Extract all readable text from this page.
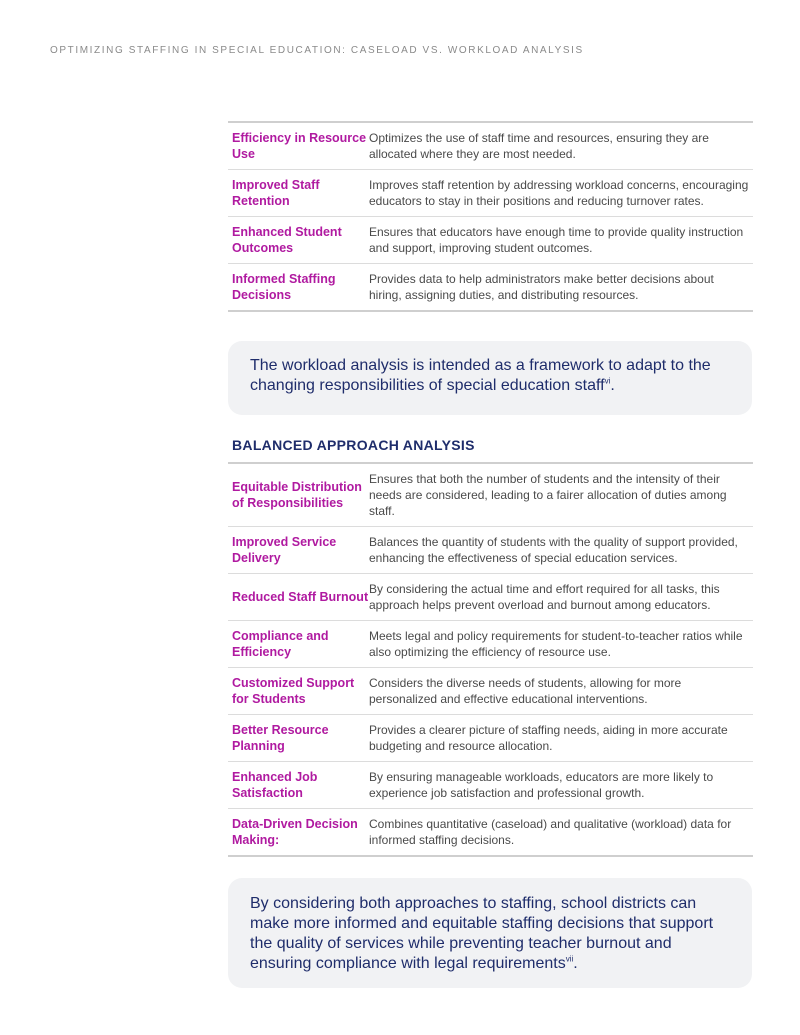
OPTIMIZING STAFFING IN SPECIAL EDUCATION: CASELOAD VS. WORKLOAD ANALYSIS
Efficiency in Resource Use	Optimizes the use of staff time and resources, ensuring they are allocated where they are most needed.
Improved Staff Retention	Improves staff retention by addressing workload concerns, encouraging educators to stay in their positions and reducing turnover rates.
Enhanced Student Outcomes	Ensures that educators have enough time to provide quality instruction and support, improving student outcomes.
Informed Staffing Decisions	Provides data to help administrators make better decisions about hiring, assigning duties, and distributing resources.
The workload analysis is intended as a framework to adapt to the changing responsibilities of special education staff$^{vi}$.
BALANCED APPROACH ANALYSIS
Equitable Distribution of Responsibilities	Ensures that both the number of students and the intensity of their needs are considered, leading to a fairer allocation of duties among staff.
Improved Service Delivery	Balances the quantity of students with the quality of support provided, enhancing the effectiveness of special education services.
Reduced Staff Burnout	By considering the actual time and effort required for all tasks, this approach helps prevent overload and burnout among educators.
Compliance and Efficiency	Meets legal and policy requirements for student-to-teacher ratios while also optimizing the efficiency of resource use.
Customized Support for Students	Considers the diverse needs of students, allowing for more personalized and effective educational interventions.
Better Resource Planning	Provides a clearer picture of staffing needs, aiding in more accurate budgeting and resource allocation.
Enhanced Job Satisfaction	By ensuring manageable workloads, educators are more likely to experience job satisfaction and professional growth.
Data-Driven Decision Making:	Combines quantitative (caseload) and qualitative (workload) data for informed staffing decisions.
By considering both approaches to staffing, school districts can make more informed and equitable staffing decisions that support the quality of services while preventing teacher burnout and ensuring compliance with legal requirements$^{vii}$.
